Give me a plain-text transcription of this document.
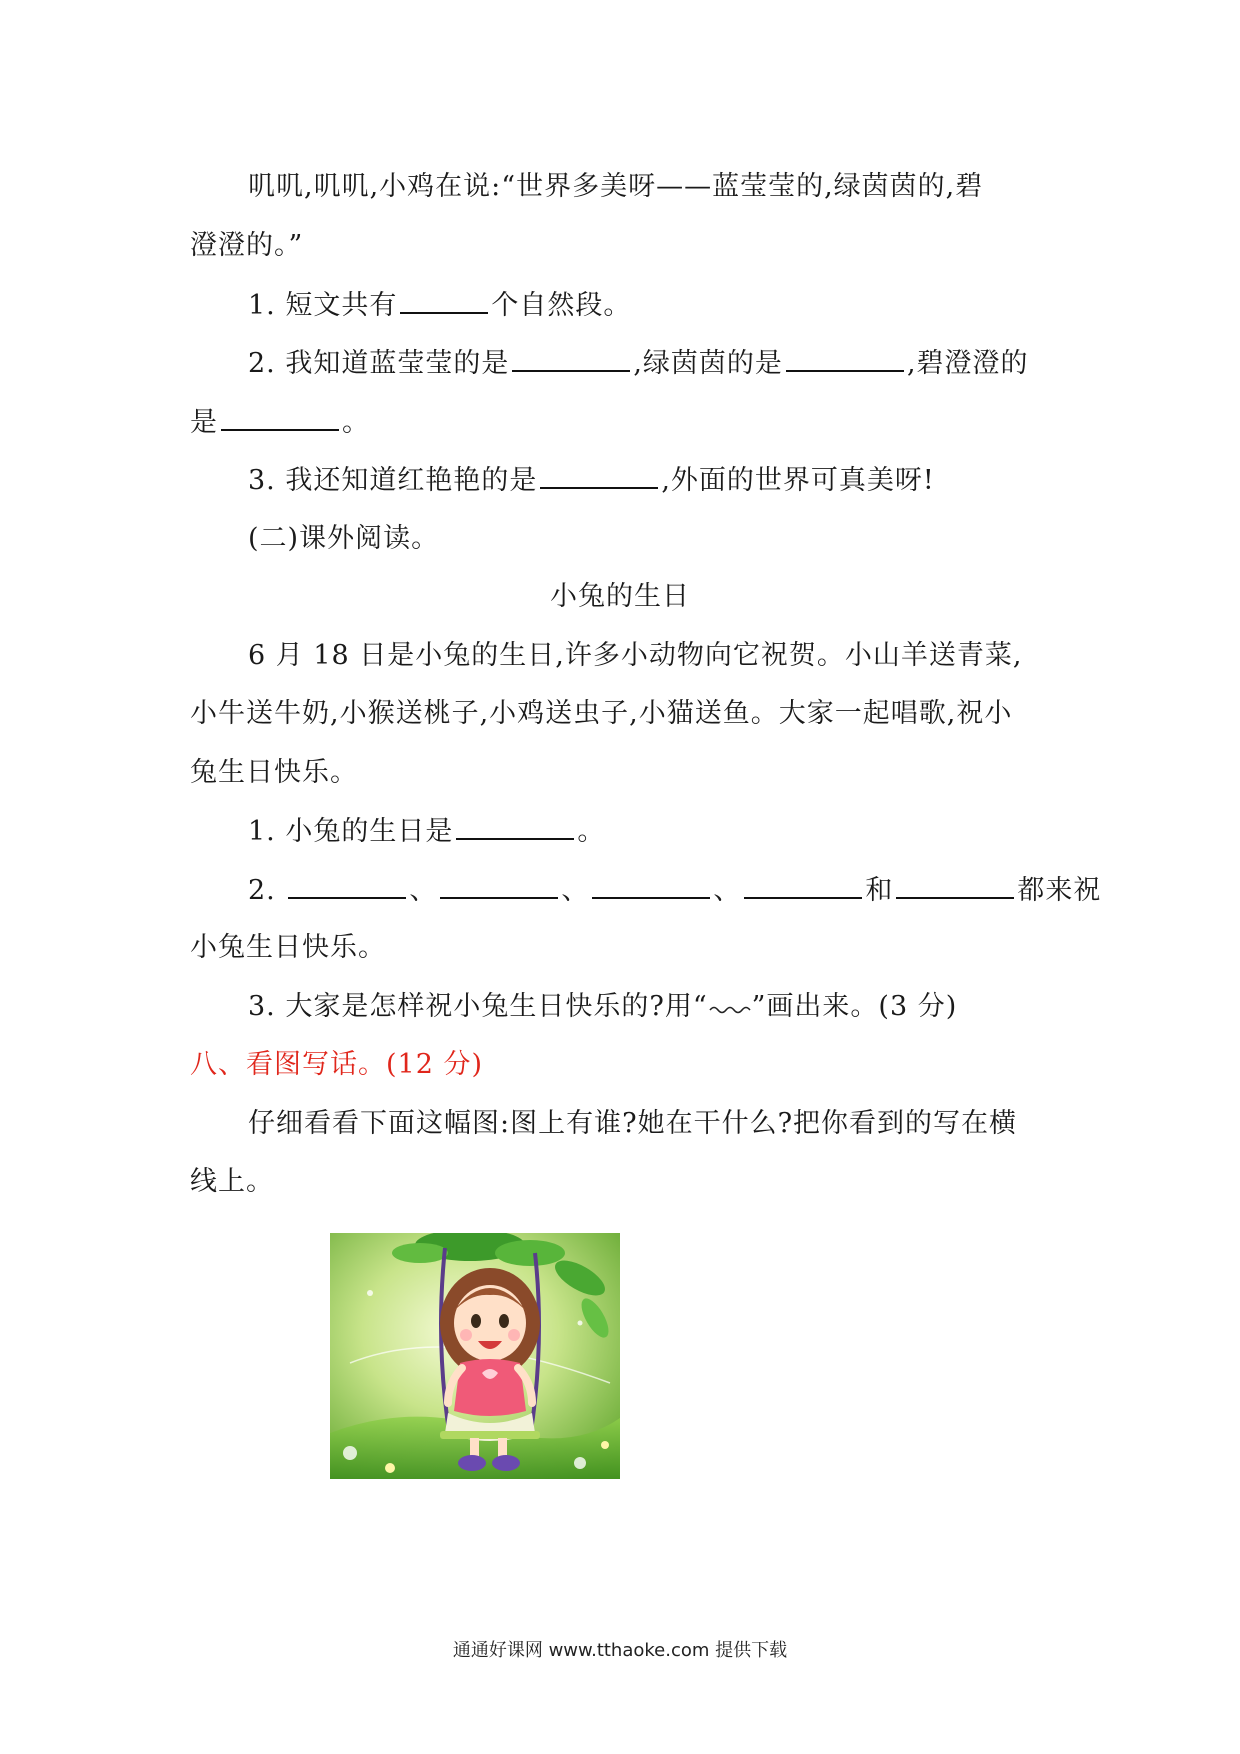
叽叽,叽叽,小鸡在说:“世界多美呀——蓝莹莹的,绿茵茵的,碧
澄澄的。”
1. 短文共有	个自然段。
2. 我知道蓝莹莹的是	,绿茵茵的是	,碧澄澄的
是	。
3. 我还知道红艳艳的是	,外面的世界可真美呀!
(二)课外阅读。
小兔的生日
6 月 18 日是小兔的生日,许多小动物向它祝贺。小山羊送青菜,
小牛送牛奶,小猴送桃子,小鸡送虫子,小猫送鱼。大家一起唱歌,祝小
兔生日快乐。
1. 小兔的生日是	。
2.	、	、	、	和	都来祝
小兔生日快乐。
3. 大家是怎样祝小兔生日快乐的?用“ ”画出来。(3 分)
八、看图写话。(12 分)
仔细看看下面这幅图:图上有谁?她在干什么?把你看到的写在横
线上。
通通好课网 www.tthaoke.com 提供下载
